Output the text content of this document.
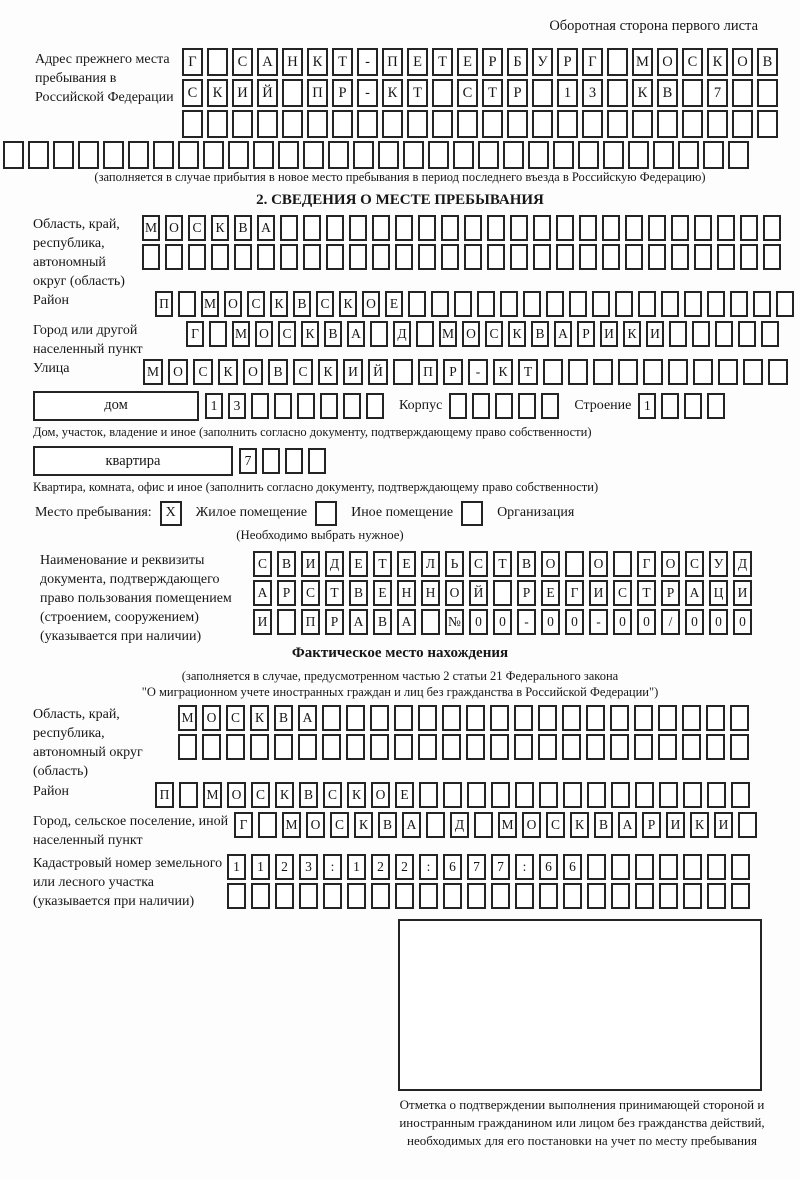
Оборотная сторона первого листа
Адрес прежнего места пребывания в Российской Федерации
Г	С	А	Н	К	Т	-	П	Е	Т	Е	Р	Б	У	Р	Г	М О	С	К	О	В
С	К	И	Й	П	Р	-	К	Т	С	Т	Р	1	3	К	В	7
(заполняется в случае прибытия в новое место пребывания в период последнего въезда в Российскую Федерацию)
2. СВЕДЕНИЯ О МЕСТЕ ПРЕБЫВАНИЯ
Область, край, республика, автономный округ (область)
М О	С	К	В	А
Район	П	М О	С	К	В	С	К	О	Е
Город или другой населенный пункт
Г	М О	С	К	В	А	Д	М О	С	К	В	А	Р	И	К	И
Улица	М	О	С	К	О	В	С	К	И	Й	П	Р	-	К	Т
дом	1	3	Корпус	Строение 1
Дом, участок, владение и иное (заполнить согласно документу, подтверждающему право собственности)
квартира	7
Квартира, комната, офис и иное (заполнить согласно документу, подтверждающему право собственности)
Место пребывания: X	Жилое помещение	Иное помещение	Организация
(Необходимо выбрать нужное)
Наименование и реквизиты документа, подтверждающего право пользования помещением (строением, сооружением) (указывается при наличии)
С	В	И	Д	Е	Т	Е	Л	Ь	С	Т	В	О	О	Г	О	С	У	Д
А	Р	С	Т	В	Е	Н	Н	О	Й	Р	Е	Г	И	С	Т	Р	А	Ц	И
И	П	Р	А	В	А	№	0	0	-	0	0	-	0	0	/	0	0	0
Фактическое место нахождения
(заполняется в случае, предусмотренном частью 2 статьи 21 Федерального закона
"О миграционном учете иностранных граждан и лиц без гражданства в Российской Федерации")
Область, край, республика, автономный округ (область)
М О	С	К	В	А
Район	П	М О	С	К	В	С	К	О	Е
Город, сельское поселение, иной населенный пункт
Г	М О	С	К	В	А	Д	М О	С	К	В	А	Р	И	К	И
Кадастровый номер земельного или лесного участка (указывается при наличии)
1	1	2	3	:	1	2	2	:	6	7	7	:	6	6
Отметка о подтверждении выполнения принимающей стороной и иностранным гражданином или лицом без гражданства действий, необходимых для его постановки на учет по месту пребывания
